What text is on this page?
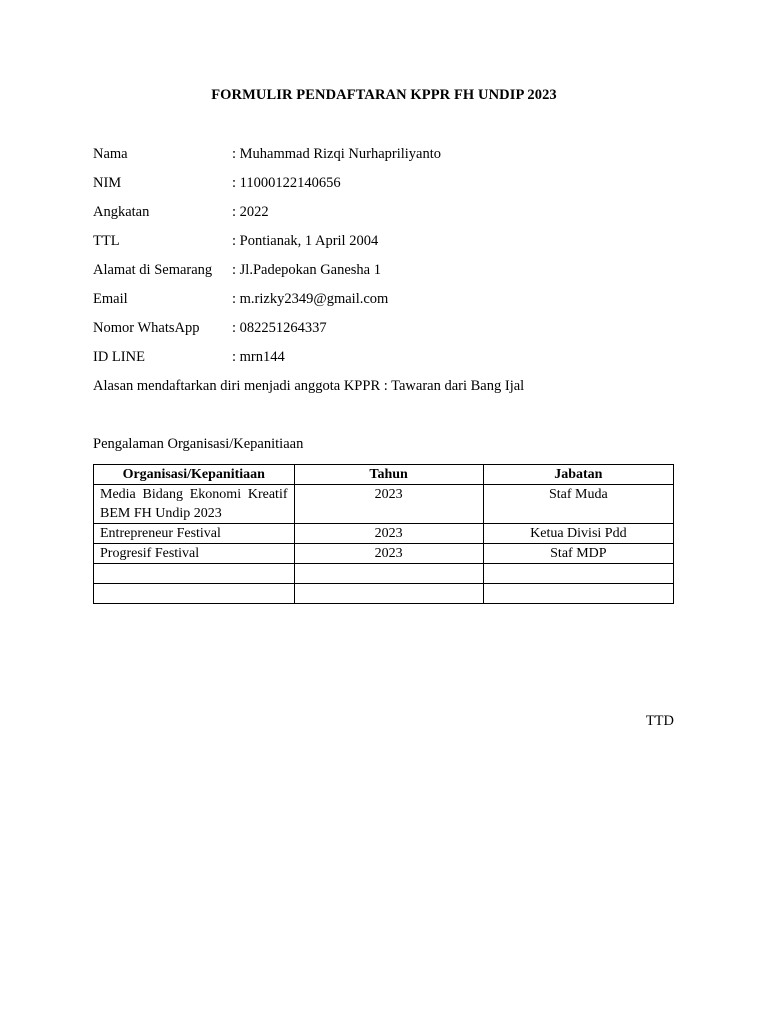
FORMULIR PENDAFTARAN KPPR FH UNDIP 2023
Nama	: Muhammad Rizqi Nurhapriliyanto
NIM	: 11000122140656
Angkatan	: 2022
TTL	: Pontianak, 1 April 2004
Alamat di Semarang : Jl.Padepokan Ganesha 1
Email	: m.rizky2349@gmail.com
Nomor WhatsApp : 082251264337
ID LINE	: mrn144
Alasan mendaftarkan diri menjadi anggota KPPR : Tawaran dari Bang Ijal
Pengalaman Organisasi/Kepanitiaan
Organisasi/Kepanitiaan	Tahun	Jabatan
Media Bidang Ekonomi Kreatif BEM FH Undip 2023	2023	Staf Muda
Entrepreneur Festival	2023	Ketua Divisi Pdd
Progresif Festival	2023	Staf MDP

TTD
